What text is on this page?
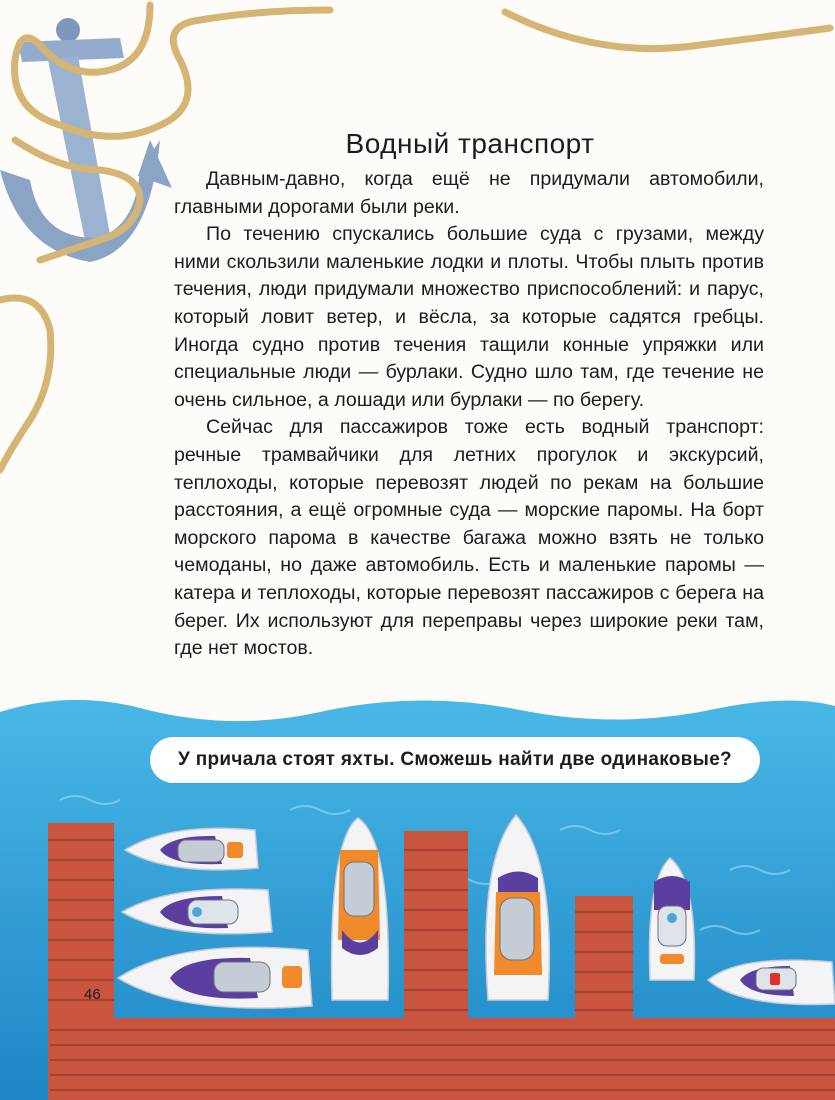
Водный транспорт

Давным-давно, когда ещё не придумали автомобили, главными дорогами были реки.

По течению спускались большие суда с грузами, между ними скользили маленькие лодки и плоты. Чтобы плыть против течения, люди придумали множество приспособлений: и парус, который ловит ветер, и вёсла, за которые садятся гребцы. Иногда судно против течения тащили конные упряжки или специальные люди — бурлаки. Судно шло там, где течение не очень сильное, а лошади или бурлаки — по берегу.

Сейчас для пассажиров тоже есть водный транспорт: речные трамвайчики для летних прогулок и экскурсий, теплоходы, которые перевозят людей по рекам на большие расстояния, а ещё огромные суда — морские паромы. На борт морского парома в качестве багажа можно взять не только чемоданы, но даже автомобиль. Есть и маленькие паромы — катера и теплоходы, которые перевозят пассажиров с берега на берег. Их используют для переправы через широкие реки там, где нет мостов.

У причала стоят яхты. Сможешь найти две одинаковые?
46
